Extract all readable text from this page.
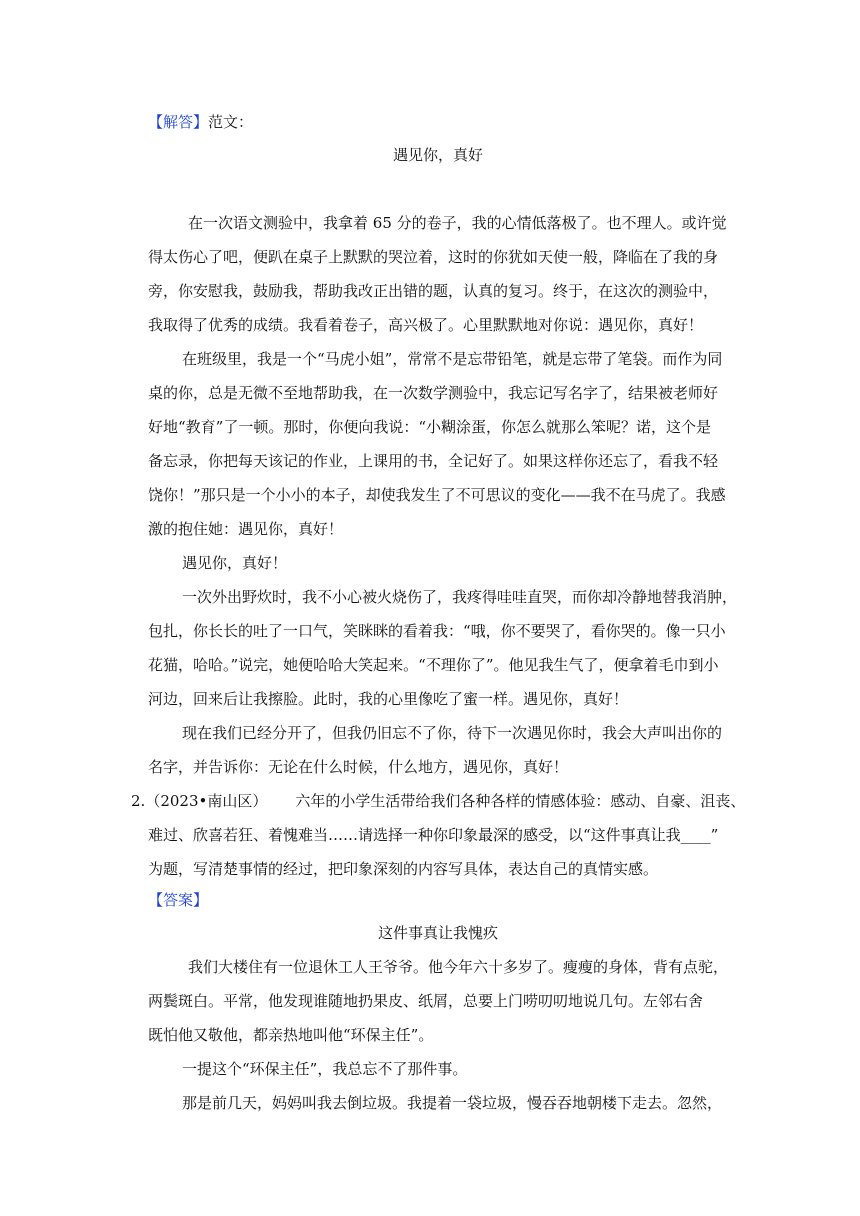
【解答】范文：
遇见你，真好
在一次语文测验中，我拿着 65 分的卷子，我的心情低落极了。也不理人。或许觉
得太伤心了吧，便趴在桌子上默默的哭泣着，这时的你犹如天使一般，降临在了我的身
旁，你安慰我，鼓励我，帮助我改正出错的题，认真的复习。终于，在这次的测验中，
我取得了优秀的成绩。我看着卷子，高兴极了。心里默默地对你说：遇见你，真好！
在班级里，我是一个“马虎小姐”，常常不是忘带铅笔，就是忘带了笔袋。而作为同
桌的你，总是无微不至地帮助我，在一次数学测验中，我忘记写名字了，结果被老师好
好地“教育”了一顿。那时，你便向我说：“小糊涂蛋，你怎么就那么笨呢？诺，这个是
备忘录，你把每天该记的作业，上课用的书，全记好了。如果这样你还忘了，看我不轻
饶你！”那只是一个小小的本子，却使我发生了不可思议的变化——我不在马虎了。我感
激的抱住她：遇见你，真好！
遇见你，真好！
一次外出野炊时，我不小心被火烧伤了，我疼得哇哇直哭，而你却冷静地替我消肿，
包扎，你长长的吐了一口气，笑眯眯的看着我：“哦，你不要哭了，看你哭的。像一只小
花猫，哈哈。”说完，她便哈哈大笑起来。“不理你了”。他见我生气了，便拿着毛巾到小
河边，回来后让我擦脸。此时，我的心里像吃了蜜一样。遇见你，真好！
现在我们已经分开了，但我仍旧忘不了你，待下一次遇见你时，我会大声叫出你的
名字，并告诉你：无论在什么时候，什么地方，遇见你，真好！
2.（2023•南山区） 六年的小学生活带给我们各种各样的情感体验：感动、自豪、沮丧、
难过、欣喜若狂、着愧难当……请选择一种你印象最深的感受，以“这件事真让我____”
为题，写清楚事情的经过，把印象深刻的内容写具体，表达自己的真情实感。
【答案】
这件事真让我愧疚
我们大楼住有一位退休工人王爷爷。他今年六十多岁了。瘦瘦的身体，背有点驼，
两鬓斑白。平常，他发现谁随地扔果皮、纸屑，总要上门唠叨叨地说几句。左邻右舍
既怕他又敬他，都亲热地叫他“环保主任”。
一提这个“环保主任”，我总忘不了那件事。
那是前几天，妈妈叫我去倒垃圾。我提着一袋垃圾，慢吞吞地朝楼下走去。忽然，
